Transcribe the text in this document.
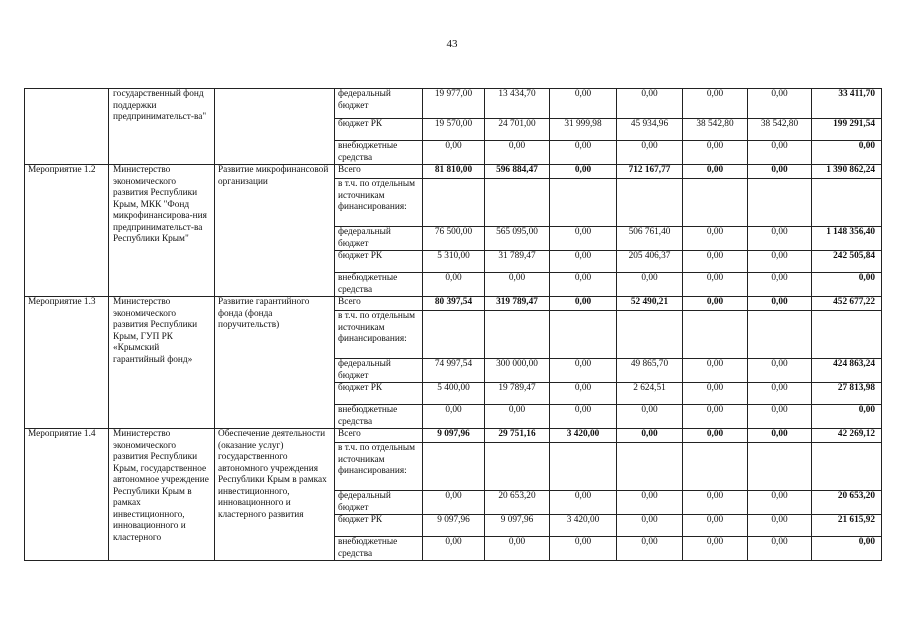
43
	государственный фонд поддержки предпринимательст-ва"		федеральный бюджет	19 977,00	13 434,70	0,00	0,00	0,00	0,00	33 411,70
			бюджет РК	19 570,00	24 701,00	31 999,98	45 934,96	38 542,80	38 542,80	199 291,54
			внебюджетные средства	0,00	0,00	0,00	0,00	0,00	0,00	0,00
Мероприятие 1.2	Министерство экономического развития Республики Крым, МКК "Фонд микрофинансирова-ния предпринимательст-ва Республики Крым"	Развитие микрофинансовой организации	Всего	81 810,00	596 884,47	0,00	712 167,77	0,00	0,00	1 390 862,24
			в т.ч. по отдельным источникам финансирования:							
			федеральный бюджет	76 500,00	565 095,00	0,00	506 761,40	0,00	0,00	1 148 356,40
			бюджет РК	5 310,00	31 789,47	0,00	205 406,37	0,00	0,00	242 505,84
			внебюджетные средства	0,00	0,00	0,00	0,00	0,00	0,00	0,00
Мероприятие 1.3	Министерство экономического развития Республики Крым, ГУП РК «Крымский гарантийный фонд»	Развитие гарантийного фонда (фонда поручительств)	Всего	80 397,54	319 789,47	0,00	52 490,21	0,00	0,00	452 677,22
			в т.ч. по отдельным источникам финансирования:							
			федеральный бюджет	74 997,54	300 000,00	0,00	49 865,70	0,00	0,00	424 863,24
			бюджет РК	5 400,00	19 789,47	0,00	2 624,51	0,00	0,00	27 813,98
			внебюджетные средства	0,00	0,00	0,00	0,00	0,00	0,00	0,00
Мероприятие 1.4	Министерство экономического развития Республики Крым, государственное автономное учреждение Республики Крым в рамках инвестиционного, инновационного и кластерного	Обеспечение деятельности (оказание услуг) государственного автономного учреждения Республики Крым в рамках инвестиционного, инновационного и кластерного развития	Всего	9 097,96	29 751,16	3 420,00	0,00	0,00	0,00	42 269,12
			в т.ч. по отдельным источникам финансирования:							
			федеральный бюджет	0,00	20 653,20	0,00	0,00	0,00	0,00	20 653,20
			бюджет РК	9 097,96	9 097,96	3 420,00	0,00	0,00	0,00	21 615,92
			внебюджетные средства	0,00	0,00	0,00	0,00	0,00	0,00	0,00
